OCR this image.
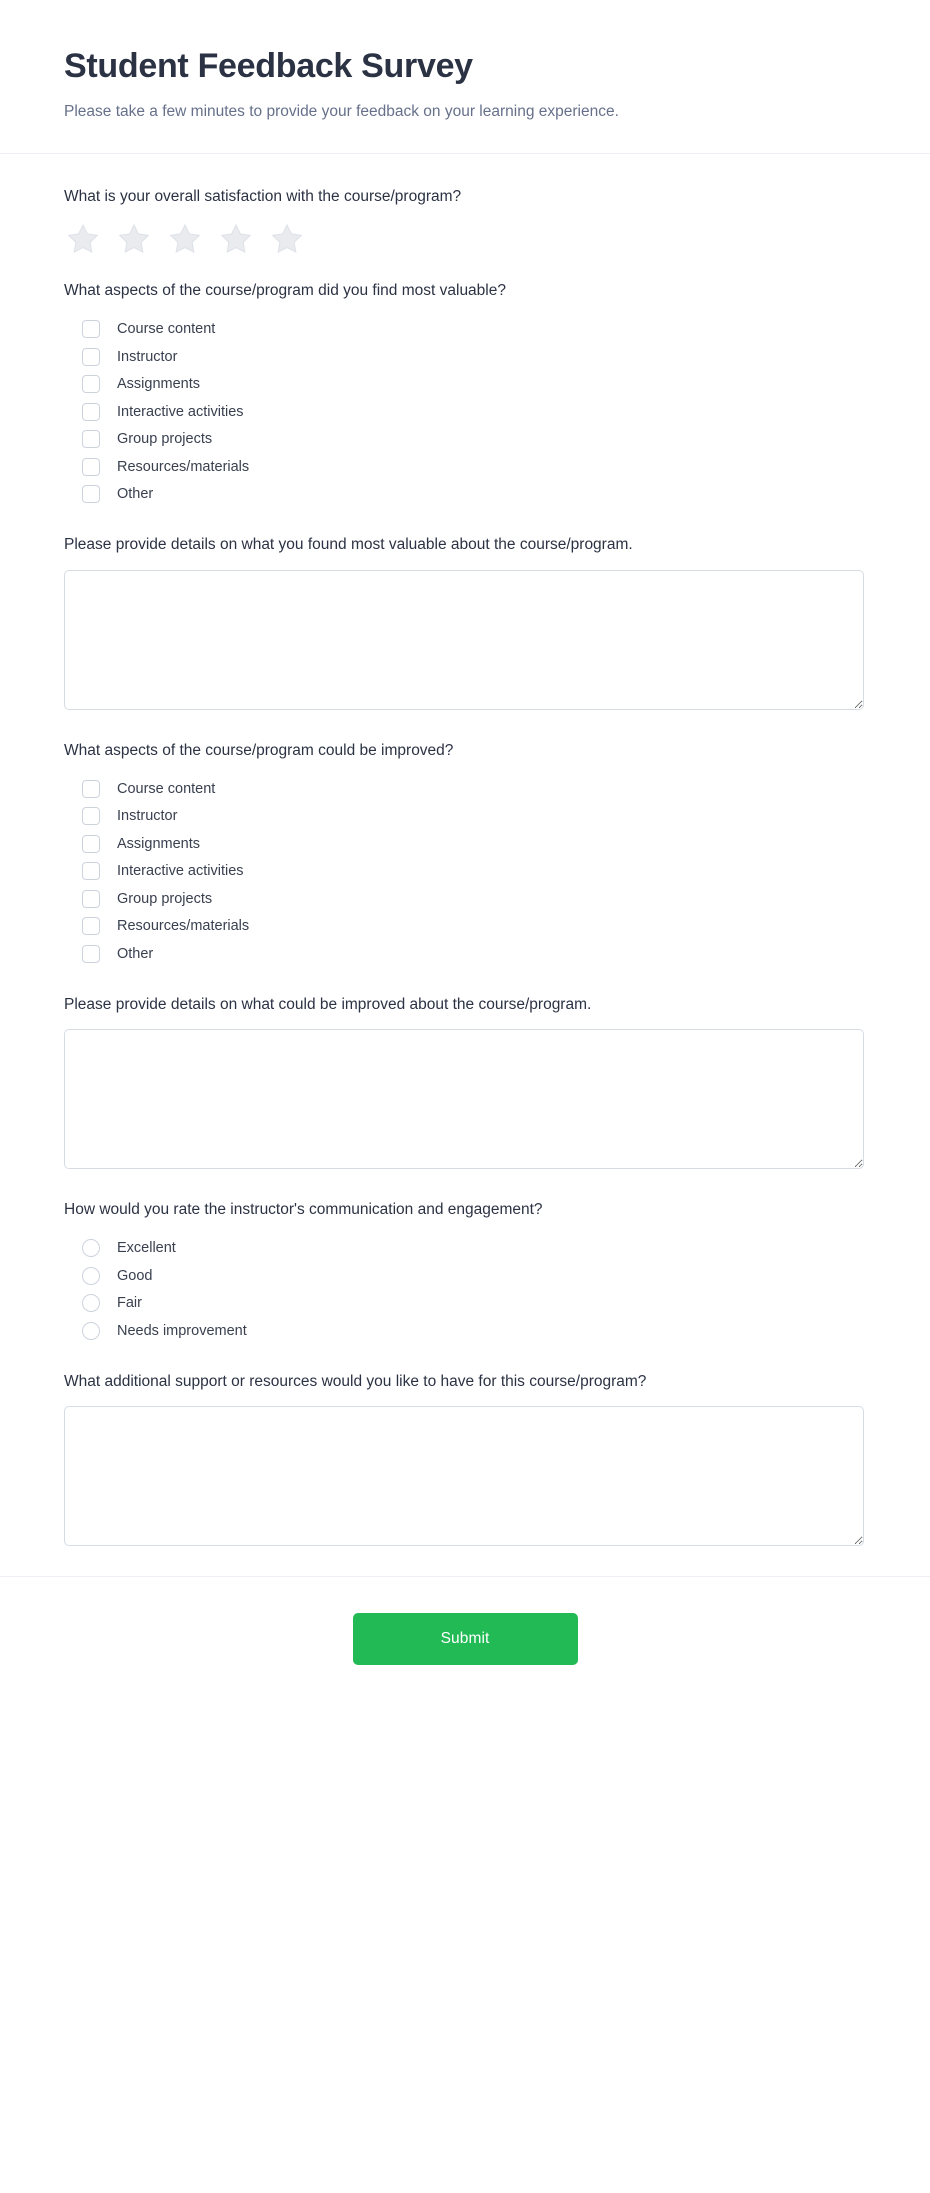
Student Feedback Survey

Please take a few minutes to provide your feedback on your learning experience.

What is your overall satisfaction with the course/program?
What aspects of the course/program did you find most valuable?
Course content
Instructor
Assignments
Interactive activities
Group projects
Resources/materials
Other
Please provide details on what you found most valuable about the course/program.
What aspects of the course/program could be improved?
Course content
Instructor
Assignments
Interactive activities
Group projects
Resources/materials
Other
Please provide details on what could be improved about the course/program.
How would you rate the instructor's communication and engagement?
Excellent
Good
Fair
Needs improvement
What additional support or resources would you like to have for this course/program?
Submit
